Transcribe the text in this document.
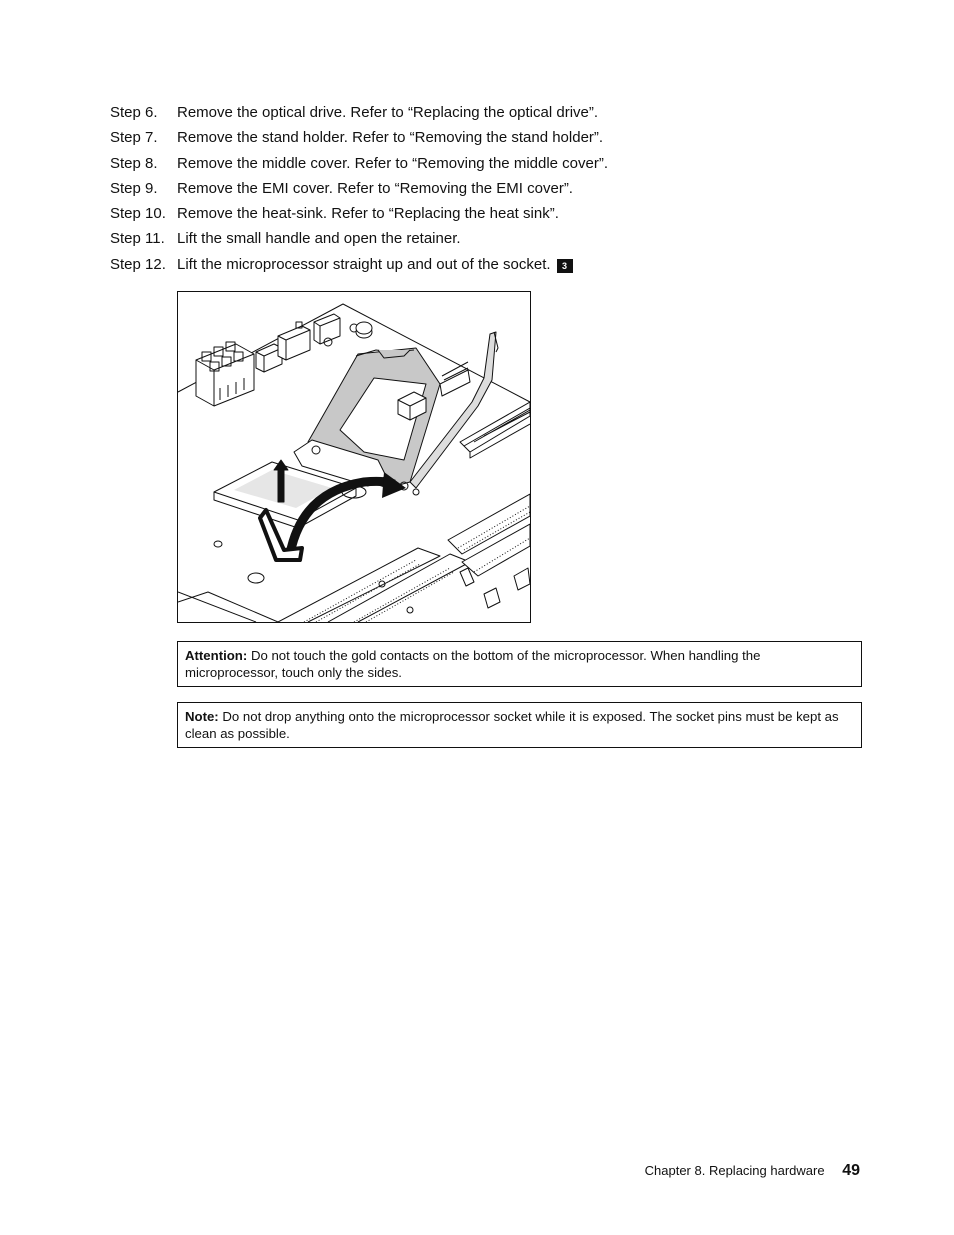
Step 6.	Remove the optical drive. Refer to “Replacing the optical drive”.
Step 7.	Remove the stand holder. Refer to “Removing the stand holder”.
Step 8.	Remove the middle cover. Refer to “Removing the middle cover”.
Step 9.	Remove the EMI cover. Refer to “Removing the EMI cover”.
Step 10. Remove the heat-sink. Refer to “Replacing the heat sink”.
Step 11. Lift the small handle and open the retainer.
Step 12. Lift the microprocessor straight up and out of the socket. 3
Attention: Do not touch the gold contacts on the bottom of the microprocessor. When handling the microprocessor, touch only the sides.
Note: Do not drop anything onto the microprocessor socket while it is exposed. The socket pins must be kept as clean as possible.
Chapter 8. Replacing hardware 49
